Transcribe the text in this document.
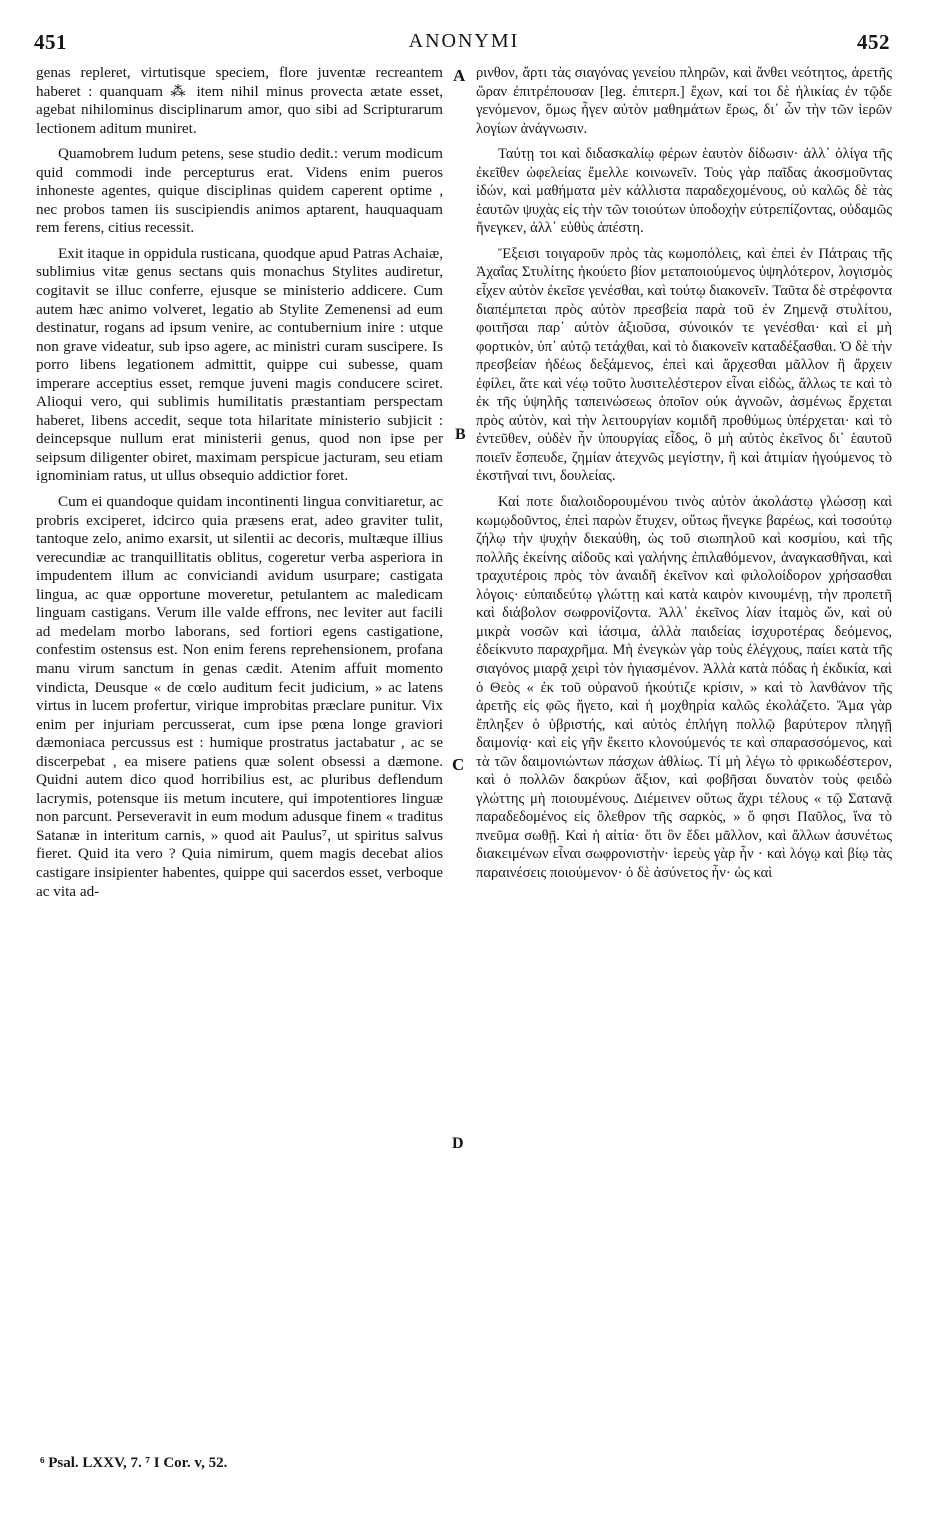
451	ΑΝΟΝΥΜΙ	452

genas repleret, virtutisque speciem, flore juventæ recreantem haberet : quanquam ⁂ item nihil minus provecta ætate esset, agebat nihilominus disciplinarum amor, quo sibi ad Scripturarum lectionem aditum muniret.

Quamobrem ludum petens, sese studio dedit.: verum modicum quid commodi inde percepturus erat. Videns enim pueros inhoneste agentes, quique disciplinas quidem caperent optime , nec probos tamen iis suscipiendis animos aptarent, hauquaquam rem ferens, citius recessit.

Exit itaque in oppidula rusticana, quodque apud Patras Achaiæ, sublimius vitæ genus sectans quis monachus Stylites audiretur, cogitavit se illuc conferre, ejusque se ministerio addicere. Cum autem hæc animo volveret, legatio ab Stylite Zemenensi ad eum destinatur, rogans ad ipsum venire, ac contubernium inire : utque non grave videatur, sub ipso agere, ac ministri curam suscipere. Is porro libens legationem admittit, quippe cui subesse, quam imperare acceptius esset, remque juveni magis conducere sciret. Alioqui vero, qui sublimis humilitatis præstantiam perspectam haberet, libens accedit, seque tota hilaritate ministerio subjicit : deincepsque nullum erat ministerii genus, quod non ipse per seipsum diligenter obiret, maximam perspicue jacturam, seu etiam ignominiam ratus, ut ullus obsequio addictior foret.

Cum ei quandoque quidam incontinenti lingua convitiaretur, ac probris exciperet, idcirco quia præsens erat, adeo graviter tulit, tantoque zelo, animo exarsit, ut silentii ac decoris, multæque illius verecundiæ ac tranquillitatis oblitus, cogeretur verba asperiora in impudentem illum ac conviciandi avidum usurpare; castigata lingua, ac quæ opportune moveretur, petulantem ac maledicam linguam castigans. Verum ille valde effrons, nec leviter aut facili ad medelam morbo laborans, sed fortiori egens castigatione, confestim ostensus est. Non enim ferens reprehensionem, profana manu virum sanctum in genas cædit. Atenim affuit momento vindicta, Deusque « de cœlo auditum fecit judicium, » ac latens virtus in lucem profertur, virique improbitas præclare punitur. Vix enim per injuriam percusserat, cum ipse pœna longe graviori dæmoniaca percussus est : humique prostratus jactabatur , ac se discerpebat , ea misere patiens quæ solent obsessi a dæmone. Quidni autem dico quod horribilius est, ac pluribus deflendum lacrymis, potensque iis metum incutere, qui impotentiores linguæ non parcunt. Perseveravit in eum modum adusque finem « traditus Satanæ in interitum carnis, » quod ait Paulus⁷, ut spiritus salvus fieret. Quid ita vero ? Quia nimirum, quem magis decebat alios castigare insipienter habentes, quippe qui sacerdos esset, verboque ac vita ad-

A
B
C
D

ρινθον, ἄρτι τὰς σιαγόνας γενείου πληρῶν, καὶ ἄνθει νεότητος, ἀρετῆς ὥραν ἐπιτρέπουσαν [leg. ἐπιτερπ.] ἔχων, καί τοι δὲ ἡλικίας ἐν τῷδε γενόμενον, ὅμως ἦγεν αὐτὸν μαθημάτων ἔρως, δι᾽ ὧν τὴν τῶν ἱερῶν λογίων ἀνάγνωσιν.

Ταύτῃ τοι καὶ διδασκαλίῳ φέρων ἑαυτὸν δίδωσιν· ἀλλ᾽ ὀλίγα τῆς ἐκεῖθεν ὠφελείας ἔμελλε κοινωνεῖν. Τοὺς γὰρ παῖδας ἀκοσμοῦντας ἰδών, καὶ μαθήματα μὲν κάλλιστα παραδεχομένους, οὐ καλῶς δὲ τὰς ἑαυτῶν ψυχὰς εἰς τὴν τῶν τοιούτων ὑποδοχὴν εὐτρεπίζοντας, οὐδαμῶς ἤνεγκεν, ἀλλ᾽ εὐθὺς ἀπέστη.

Ἔξεισι τοιγαροῦν πρὸς τὰς κωμοπόλεις, καὶ ἐπεὶ ἐν Πάτραις τῆς Ἀχαΐας Στυλίτης ἠκούετο βίον μεταποιούμενος ὑψηλότερον, λογισμὸς εἶχεν αὐτὸν ἐκεῖσε γενέσθαι, καὶ τούτῳ διακονεῖν. Ταῦτα δὲ στρέφοντα διαπέμπεται πρὸς αὐτὸν πρεσβεία παρὰ τοῦ ἐν Ζημενᾷ στυλίτου, φοιτῆσαι παρ᾽ αὐτὸν ἀξιοῦσα, σύνοικόν τε γενέσθαι· καὶ εἰ μὴ φορτικὸν, ὑπ᾽ αὐτῷ τετάχθαι, καὶ τὸ διακονεῖν καταδέξασθαι. Ὁ δὲ τὴν πρεσβείαν ἡδέως δεξάμενος, ἐπεὶ καὶ ἄρχεσθαι μᾶλλον ἢ ἄρχειν ἐφίλει, ἅτε καὶ νέῳ τοῦτο λυσιτελέστερον εἶναι εἰδὼς, ἄλλως τε καὶ τὸ ἐκ τῆς ὑψηλῆς ταπεινώσεως ὁποῖον οὐκ ἀγνοῶν, ἀσμένως ἔρχεται πρὸς αὐτὸν, καὶ τὴν λειτουργίαν κομιδῆ προθύμως ὑπέρχεται· καὶ τὸ ἐντεῦθεν, οὐδὲν ἦν ὑπουργίας εἶδος, ὃ μὴ αὐτὸς ἐκεῖνος δι᾽ ἑαυτοῦ ποιεῖν ἔσπευδε, ζημίαν ἀτεχνῶς μεγίστην, ἢ καὶ ἀτιμίαν ἡγούμενος τὸ ἐκστῆναί τινι, δουλείας.

Καί ποτε διαλοιδορουμένου τινὸς αὐτὸν ἀκολάστῳ γλώσσῃ καὶ κωμῳδοῦντος, ἐπεὶ παρὼν ἔτυχεν, οὕτως ἤνεγκε βαρέως, καὶ τοσούτῳ ζήλῳ τὴν ψυχὴν διεκαύθη, ὡς τοῦ σιωπηλοῦ καὶ κοσμίου, καὶ τῆς πολλῆς ἐκείνης αἰδοῦς καὶ γαλήνης ἐπιλαθόμενον, ἀναγκασθῆναι, καὶ τραχυτέροις πρὸς τὸν ἀναιδῆ ἐκεῖνον καὶ φιλολοίδορον χρήσασθαι λόγοις· εὐπαιδεύτῳ γλώττῃ καὶ κατὰ καιρὸν κινουμένῃ, τὴν προπετῆ καὶ διάβολον σωφρονίζοντα. Ἀλλ᾽ ἐκεῖνος λίαν ἰταμὸς ὤν, καὶ οὐ μικρὰ νοσῶν καὶ ἰάσιμα, ἀλλὰ παιδείας ἰσχυροτέρας δεόμενος, ἐδείκνυτο παραχρῆμα. Μὴ ἐνεγκὼν γὰρ τοὺς ἐλέγχους, παίει κατὰ τῆς σιαγόνος μιαρᾷ χειρὶ τὸν ἡγιασμένον. Ἀλλὰ κατὰ πόδας ἡ ἐκδικία, καὶ ὁ Θεὸς « ἐκ τοῦ οὐρανοῦ ἠκούτιζε κρίσιν, » καὶ τὸ λανθάνον τῆς ἀρετῆς εἰς φῶς ἤγετο, καὶ ἡ μοχθηρία καλῶς ἐκολάζετο. Ἅμα γὰρ ἔπληξεν ὁ ὑβριστής, καὶ αὐτὸς ἐπλήγη πολλῷ βαρύτερον πληγῇ δαιμονίᾳ· καὶ εἰς γῆν ἔκειτο κλονούμενός τε καὶ σπαρασσόμενος, καὶ τὰ τῶν δαιμονιώντων πάσχων ἀθλίως. Τί μὴ λέγω τὸ φρικωδέστερον, καὶ ὁ πολλῶν δακρύων ἄξιον, καὶ φοβῆσαι δυνατὸν τοὺς φειδὼ γλώττης μὴ ποιουμένους. Διέμεινεν οὕτως ἄχρι τέλους « τῷ Σατανᾷ παραδεδομένος εἰς ὄλεθρον τῆς σαρκὸς, » ὅ φησι Παῦλος, ἵνα τὸ πνεῦμα σωθῇ. Καὶ ἡ αἰτία· ὅτι ὃν ἔδει μᾶλλον, καὶ ἄλλων ἀσυνέτως διακειμένων εἶναι σωφρονιστὴν· ἱερεὺς γὰρ ἦν · καὶ λόγῳ καὶ βίῳ τὰς παραινέσεις ποιούμενον· ὁ δὲ ἀσύνετος ἦν· ὡς καὶ

⁶ Psal. LXXV, 7. ⁷ I Cor. v, 52.
